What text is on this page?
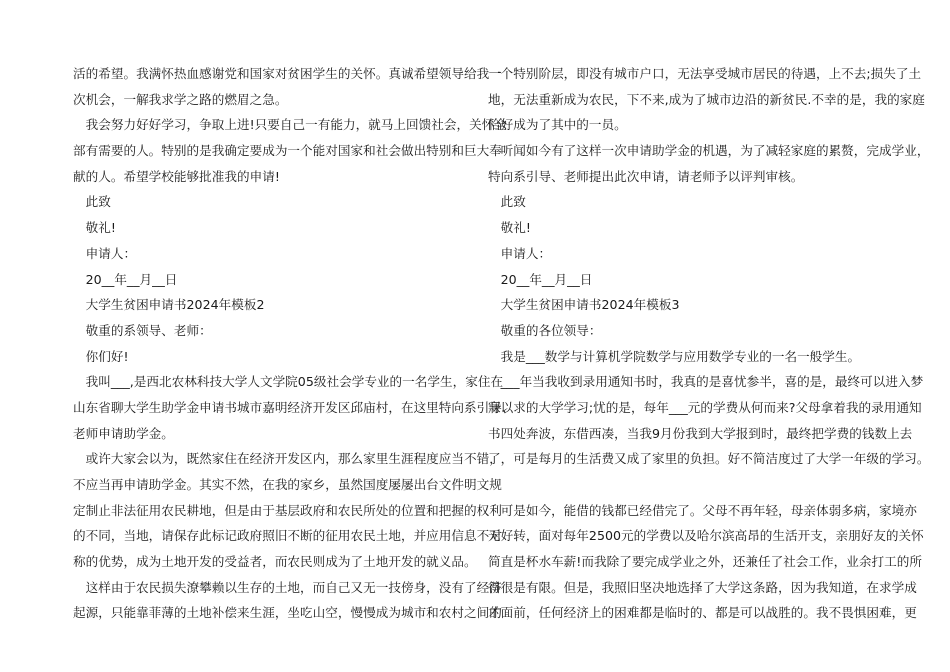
活的希望。我满怀热血感谢党和国家对贫困学生的关怀。真诚希望领导给我一
次机会，一解我求学之路的燃眉之急。
　我会努力好好学习，争取上进!只要自己一有能力，就马上回馈社会，关怀全
部有需要的人。特别的是我确定要成为一个能对国家和社会做出特别和巨大奉
献的人。希望学校能够批准我的申请!
　此致
　敬礼!
　申请人：
　20__年__月__日
　大学生贫困申请书2024年模板2
　敬重的系领导、老师：
　你们好!
　我叫___,是西北农林科技大学人文学院05级社会学专业的一名学生，家住在
山东省聊大学生助学金申请书城市嘉明经济开发区邱庙村，在这里特向系引导、
老师申请助学金。
　或许大家会以为，既然家住在经济开发区内，那么家里生涯程度应当不错，
不应当再申请助学金。其实不然，在我的家乡，虽然国度屡屡出台文件明文规
定制止非法征用农民耕地，但是由于基层政府和农民所处的位置和把握的权利
的不同，当地，请保存此标记政府照旧不断的征用农民土地，并应用信息不对
称的优势，成为土地开发的受益者，而农民则成为了土地开发的就义品。
　这样由于农民损失潦攀赖以生存的土地，而自己又无一技傍身，没有了经济
起源，只能靠菲薄的土地补偿来生涯，坐吃山空，慢慢成为城市和农村之间的
一个特别阶层，即没有城市户口，无法享受城市居民的待遇，上不去;损失了土
地，无法重新成为农民，下不来,成为了城市边沿的新贫民.不幸的是，我的家庭
恰好成为了其中的一员。
　听闻如今有了这样一次申请助学金的机遇，为了减轻家庭的累赘，完成学业，
特向系引导、老师提出此次申请，请老师予以评判审核。
　此致
　敬礼!
　申请人：
　20__年__月__日
　大学生贫困申请书2024年模板3
　敬重的各位领导：
　我是___数学与计算机学院数学与应用数学专业的一名一般学生。
　___年当我收到录用通知书时，我真的是喜忧参半，喜的是，最终可以进入梦
寐以求的大学学习;忧的是，每年___元的学费从何而来?父母拿着我的录用通知
书四处奔波，东借西凑，当我9月份我到大学报到时，最终把学费的钱数上去
了，可是每月的生活费又成了家里的负担。好不简洁度过了大学一年级的学习。
　可是如今，能借的钱都已经借完了。父母不再年轻，母亲体弱多病，家境亦
无好转，面对每年2500元的学费以及哈尔滨高昂的生活开支，亲朋好友的关怀
简直是杯水车薪!而我除了要完成学业之外，还兼任了社会工作，业余打工的所
得很是有限。但是，我照旧坚决地选择了大学这条路，因为我知道，在求学成
才面前，任何经济上的困难都是临时的、都是可以战胜的。我不畏惧困难，更
